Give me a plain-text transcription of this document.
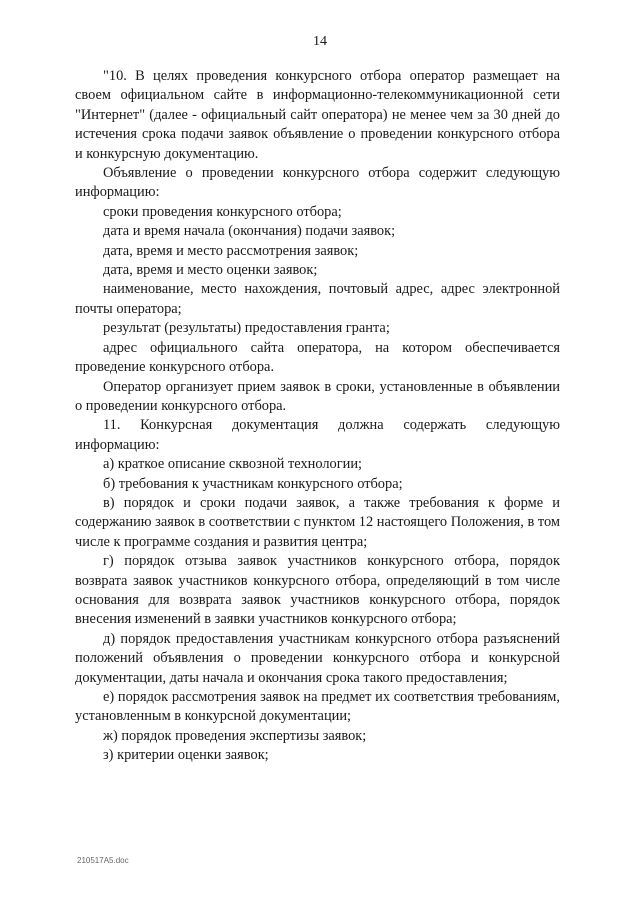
14

"10. В целях проведения конкурсного отбора оператор размещает на своем официальном сайте в информационно-телекоммуникационной сети "Интернет" (далее - официальный сайт оператора) не менее чем за 30 дней до истечения срока подачи заявок объявление о проведении конкурсного отбора и конкурсную документацию.

Объявление о проведении конкурсного отбора содержит следующую информацию:

сроки проведения конкурсного отбора;

дата и время начала (окончания) подачи заявок;

дата, время и место рассмотрения заявок;

дата, время и место оценки заявок;

наименование, место нахождения, почтовый адрес, адрес электронной почты оператора;

результат (результаты) предоставления гранта;

адрес официального сайта оператора, на котором обеспечивается проведение конкурсного отбора.

Оператор организует прием заявок в сроки, установленные в объявлении о проведении конкурсного отбора.

11. Конкурсная документация должна содержать следующую информацию:

а) краткое описание сквозной технологии;

б) требования к участникам конкурсного отбора;

в) порядок и сроки подачи заявок, а также требования к форме и содержанию заявок в соответствии с пунктом 12 настоящего Положения, в том числе к программе создания и развития центра;

г) порядок отзыва заявок участников конкурсного отбора, порядок возврата заявок участников конкурсного отбора, определяющий в том числе основания для возврата заявок участников конкурсного отбора, порядок внесения изменений в заявки участников конкурсного отбора;

д) порядок предоставления участникам конкурсного отбора разъяснений положений объявления о проведении конкурсного отбора и конкурсной документации, даты начала и окончания срока такого предоставления;

е) порядок рассмотрения заявок на предмет их соответствия требованиям, установленным в конкурсной документации;

ж) порядок проведения экспертизы заявок;

з) критерии оценки заявок;

210517A5.doc
